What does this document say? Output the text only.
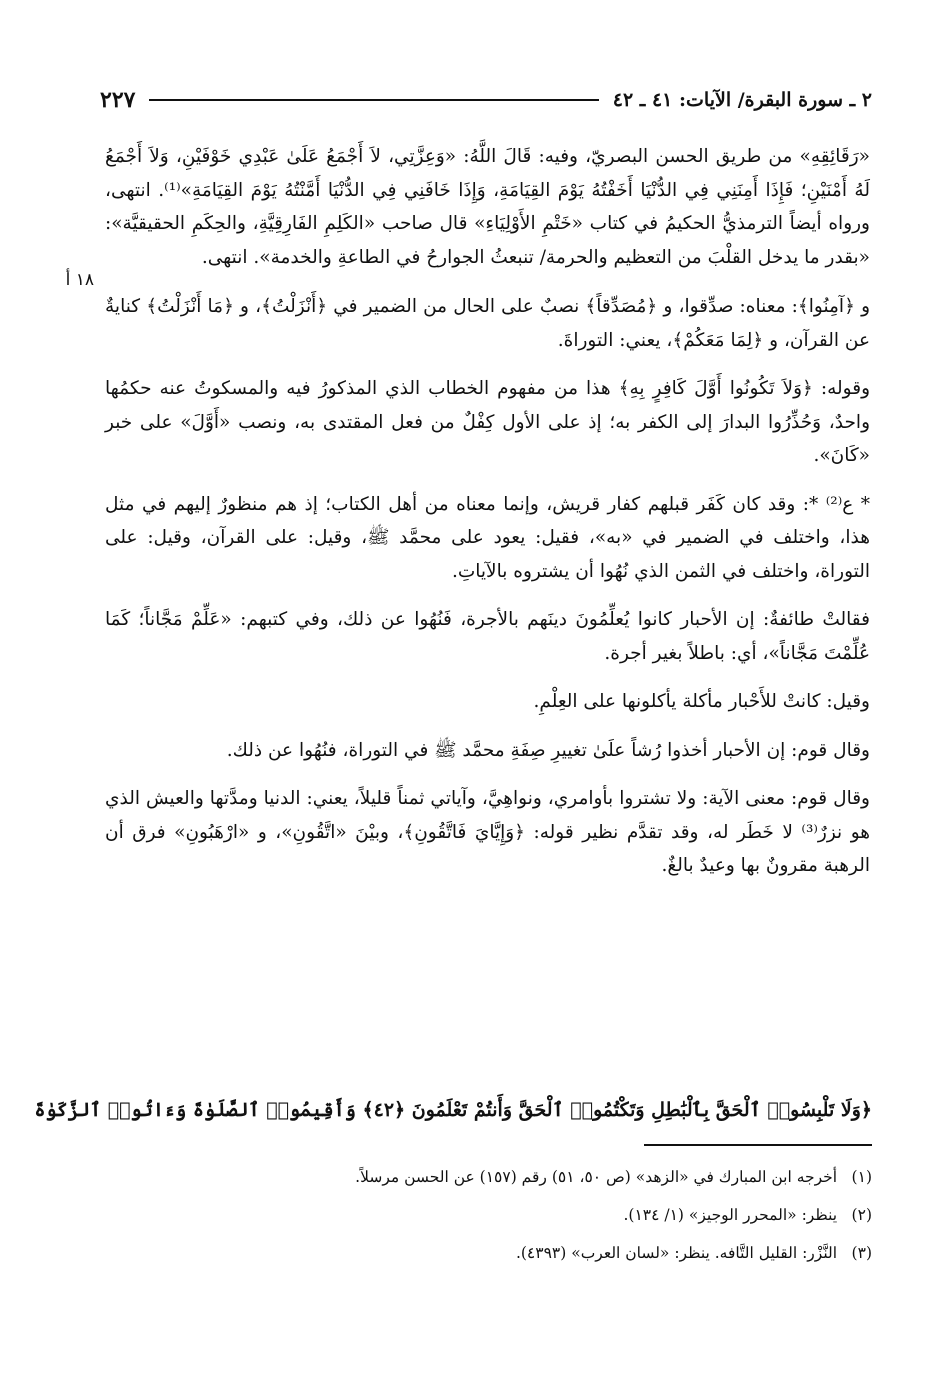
٢ ـ سورة البقرة/ الآيات: ٤١ ـ ٤٢
٢٢٧
١٨ أ

«رَقَائِقِهِ» من طريق الحسن البصريّ، وفيه: قَالَ اللَّهُ: «وَعِزَّتِي، لاَ أَجْمَعُ عَلَىٰ عَبْدِي خَوْفَيْنِ، وَلاَ أَجْمَعُ لَهُ أَمْنَيْنِ؛ فَإِذَا أَمِنَنِي فِي الدُّنْيَا أَخَفْتُهُ يَوْمَ القِيَامَةِ، وَإِذَا خَافَنِي فِي الدُّنْيَا أَمَّنْتُهُ يَوْمَ القِيَامَةِ»⁽¹⁾. انتهى، ورواه أيضاً الترمذيُّ الحكيمُ في كتاب «خَتْمِ الأَوْلِيَاءِ» قال صاحب «الكَلِمِ الفَارِقِيَّةِ، والحِكَمِ الحقيقيَّة»: «بقدر ما يدخل القلْبَ من التعظيم والحرمة/ تنبعثُ الجوارحُ في الطاعةِ والخدمة». انتهى.

و ﴿آمِنُوا﴾: معناه: صدِّقوا، و ﴿مُصَدِّقاً﴾ نصبٌ على الحال من الضمير في ﴿أَنْزَلْتُ﴾، و ﴿مَا أَنْزَلْتُ﴾ كنايةٌ عن القرآن، و ﴿لِمَا مَعَكُمْ﴾، يعني: التوراةَ.

وقوله: ﴿وَلاَ تَكُونُوا أَوَّلَ كَافِرٍ بِهِ﴾ هذا من مفهوم الخطاب الذي المذكورُ فيه والمسكوتُ عنه حكمُها واحدٌ، وَحُذِّرُوا البدارَ إلى الكفر به؛ إذ على الأول كِفْلٌ من فعل المقتدى به، ونصب «أَوَّلَ» على خبر «كَانَ».

* ع⁽²⁾ *: وقد كان كَفَر قبلهم كفار قريش، وإنما معناه من أهل الكتاب؛ إذ هم منظورٌ إليهم في مثل هذا، واختلف في الضمير في «به»، فقيل: يعود على محمَّد ﷺ، وقيل: على القرآن، وقيل: على التوراة، واختلف في الثمن الذي نُهُوا أن يشتروه بالآياتِ.

فقالتْ طائفةٌ: إن الأحبار كانوا يُعلِّمُونَ دينَهم بالأجرة، فَنُهُوا عن ذلك، وفي كتبهم: «عَلِّمْ مَجَّاناً؛ كَمَا عُلِّمْتَ مَجَّاناً»، أي: باطلاً بغير أجرة.

وقيل: كانتْ للأَحْبار مأكلة يأكلونها على العِلْمِ.

وقال قوم: إن الأحبار أخذوا رُشاً علَىٰ تغييرِ صِفَةِ محمَّد ﷺ في التوراة، فنُهُوا عن ذلك.

وقال قوم: معنى الآية: ولا تشتروا بأوامري، ونواهِيَّ، وآياتي ثمناً قليلاً، يعني: الدنيا ومدَّتها والعيش الذي هو نزرٌ⁽³⁾ لا خَطَر له، وقد تقدَّم نظير قوله: ﴿وَإِيَّايَ فَاتَّقُونِ﴾، وبيْنَ «اتَّقُونِ»، و «ارْهَبُونِ» فرق أن الرهبة مقرونٌ بها وعيدٌ بالغٌ.

﴿وَلَا تَلْبِسُوا۟ ٱلْحَقَّ بِٱلْبَٰطِلِ وَتَكْتُمُوا۟ ٱلْحَقَّ وَأَنتُمْ تَعْلَمُونَ ﴿٤٢﴾ وَأَقِيمُوا۟ ٱلصَّلَوٰةَ وَءَاتُوا۟ ٱلزَّكَوٰةَ

(١) أخرجه ابن المبارك في «الزهد» (ص ٥٠، ٥١) رقم (١٥٧) عن الحسن مرسلاً.

(٢) ينظر: «المحرر الوجيز» (١/ ١٣٤).

(٣) النَّزْر: القليل التَّافه. ينظر: «لسان العرب» (٤٣٩٣).
